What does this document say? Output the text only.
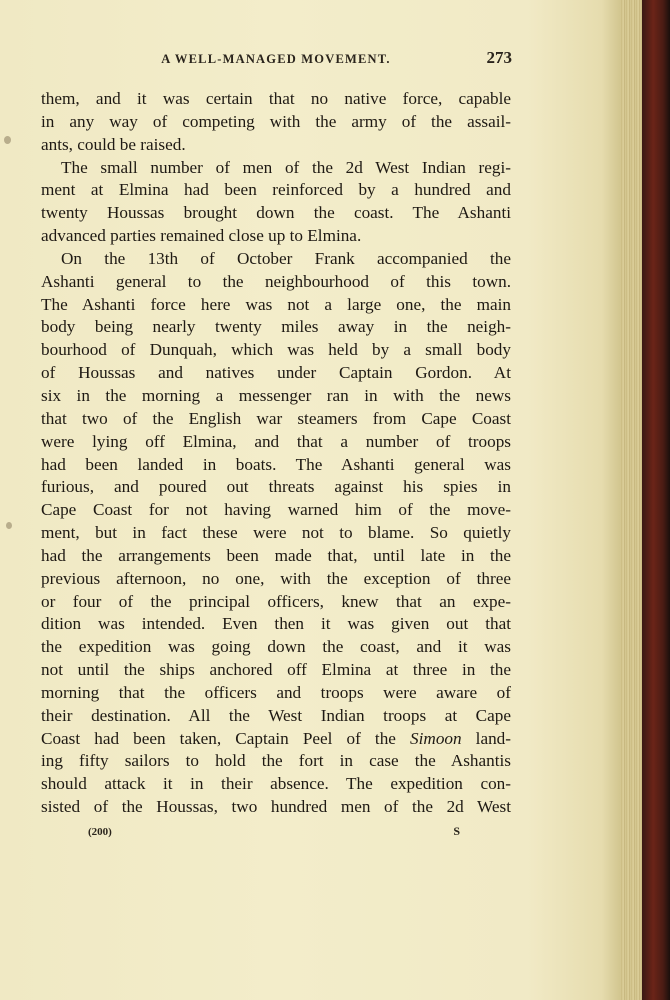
A WELL-MANAGED MOVEMENT.	273
them, and it was certain that no native force, capable
in any way of competing with the army of the assail-
ants, could be raised.
The small number of men of the 2d West Indian regi-
ment at Elmina had been reinforced by a hundred and
twenty Houssas brought down the coast. The Ashanti
advanced parties remained close up to Elmina.
On the 13th of October Frank accompanied the
Ashanti general to the neighbourhood of this town.
The Ashanti force here was not a large one, the main
body being nearly twenty miles away in the neigh-
bourhood of Dunquah, which was held by a small body
of Houssas and natives under Captain Gordon. At
six in the morning a messenger ran in with the news
that two of the English war steamers from Cape Coast
were lying off Elmina, and that a number of troops
had been landed in boats. The Ashanti general was
furious, and poured out threats against his spies in
Cape Coast for not having warned him of the move-
ment, but in fact these were not to blame. So quietly
had the arrangements been made that, until late in the
previous afternoon, no one, with the exception of three
or four of the principal officers, knew that an expe-
dition was intended. Even then it was given out that
the expedition was going down the coast, and it was
not until the ships anchored off Elmina at three in the
morning that the officers and troops were aware of
their destination. All the West Indian troops at Cape
Coast had been taken, Captain Peel of the Simoon land-
ing fifty sailors to hold the fort in case the Ashantis
should attack it in their absence. The expedition con-
sisted of the Houssas, two hundred men of the 2d West
(200)	S
